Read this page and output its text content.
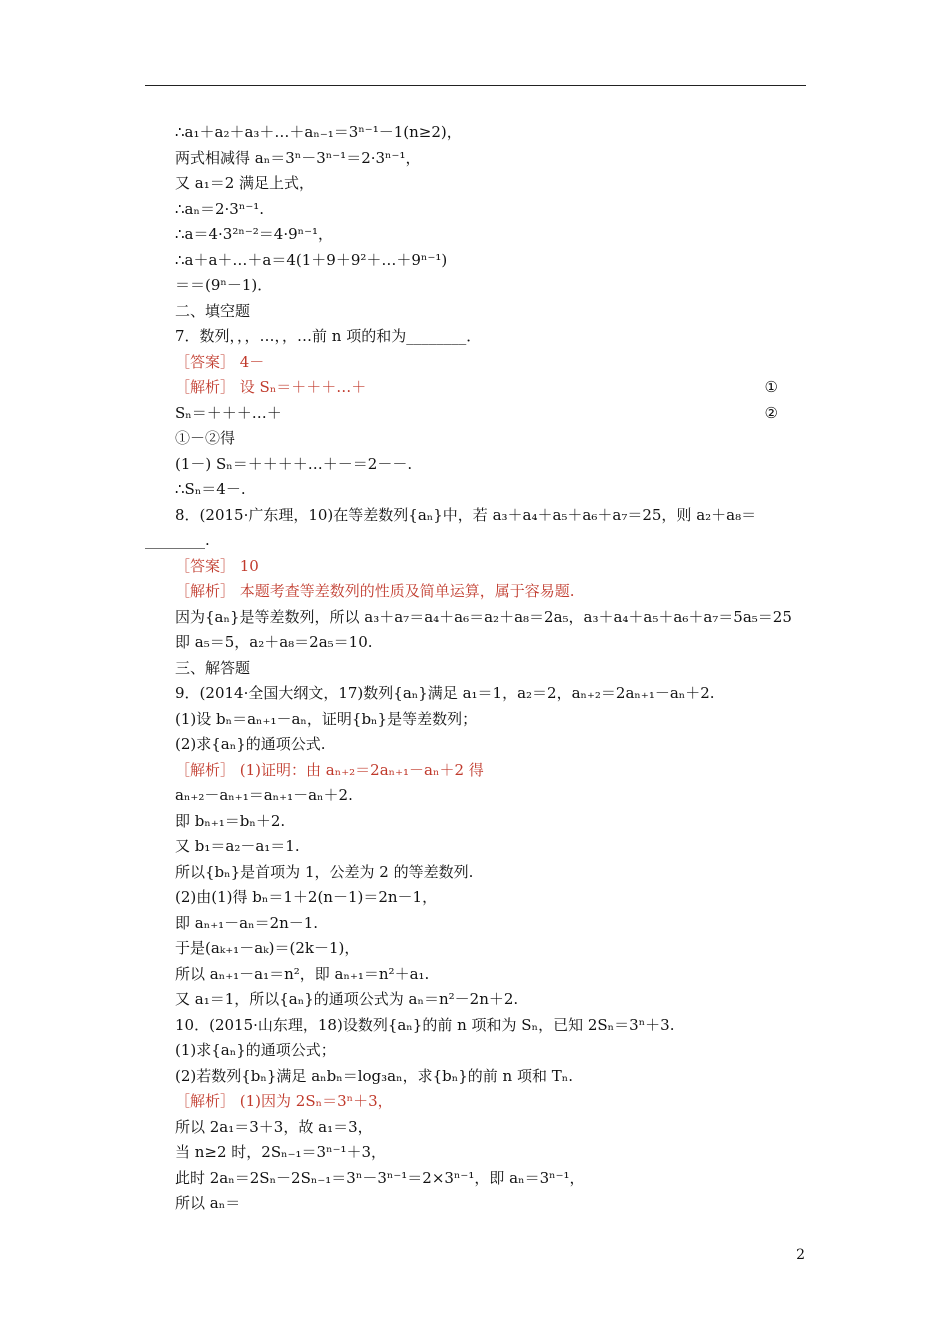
∴a₁＋a₂＋a₃＋…＋aₙ₋₁＝3ⁿ⁻¹－1(n≥2)，
两式相减得 aₙ＝3ⁿ－3ⁿ⁻¹＝2·3ⁿ⁻¹，
又 a₁＝2 满足上式，
∴aₙ＝2·3ⁿ⁻¹.
∴a＝4·3²ⁿ⁻²＝4·9ⁿ⁻¹，
∴a＋a＋…＋a＝4(1＋9＋9²＋…＋9ⁿ⁻¹)
＝＝(9ⁿ－1)．
二、填空题
7．数列，，，…，，…前 n 项的和为________．
［答案］ 4－
［解析］ 设 Sₙ＝＋＋＋…＋	①
Sₙ＝＋＋＋…＋	②
①－②得
(1－) Sₙ＝＋＋＋＋…＋－＝2－－.
∴Sₙ＝4－.
8．(2015·广东理，10)在等差数列{aₙ}中，若 a₃＋a₄＋a₅＋a₆＋a₇＝25，则 a₂＋a₈＝
________.
［答案］ 10
［解析］ 本题考查等差数列的性质及简单运算，属于容易题.
因为{aₙ}是等差数列，所以 a₃＋a₇＝a₄＋a₆＝a₂＋a₈＝2a₅，a₃＋a₄＋a₅＋a₆＋a₇＝5a₅＝25
即 a₅＝5，a₂＋a₈＝2a₅＝10.
三、解答题
9．(2014·全国大纲文，17)数列{aₙ}满足 a₁＝1，a₂＝2，aₙ₊₂＝2aₙ₊₁－aₙ＋2.
(1)设 bₙ＝aₙ₊₁－aₙ，证明{bₙ}是等差数列；
(2)求{aₙ}的通项公式.
［解析］ (1)证明：由 aₙ₊₂＝2aₙ₊₁－aₙ＋2 得
aₙ₊₂－aₙ₊₁＝aₙ₊₁－aₙ＋2.
即 bₙ₊₁＝bₙ＋2.
又 b₁＝a₂－a₁＝1.
所以{bₙ}是首项为 1，公差为 2 的等差数列.
(2)由(1)得 bₙ＝1＋2(n－1)＝2n－1，
即 aₙ₊₁－aₙ＝2n－1.
于是(aₖ₊₁－aₖ)＝(2k－1)，
所以 aₙ₊₁－a₁＝n²，即 aₙ₊₁＝n²＋a₁.
又 a₁＝1，所以{aₙ}的通项公式为 aₙ＝n²－2n＋2.
10．(2015·山东理，18)设数列{aₙ}的前 n 项和为 Sₙ，已知 2Sₙ＝3ⁿ＋3.
(1)求{aₙ}的通项公式；
(2)若数列{bₙ}满足 aₙbₙ＝log₃aₙ，求{bₙ}的前 n 项和 Tₙ.
［解析］ (1)因为 2Sₙ＝3ⁿ＋3，
所以 2a₁＝3＋3，故 a₁＝3，
当 n≥2 时，2Sₙ₋₁＝3ⁿ⁻¹＋3，
此时 2aₙ＝2Sₙ－2Sₙ₋₁＝3ⁿ－3ⁿ⁻¹＝2×3ⁿ⁻¹，即 aₙ＝3ⁿ⁻¹，
所以 aₙ＝
2
